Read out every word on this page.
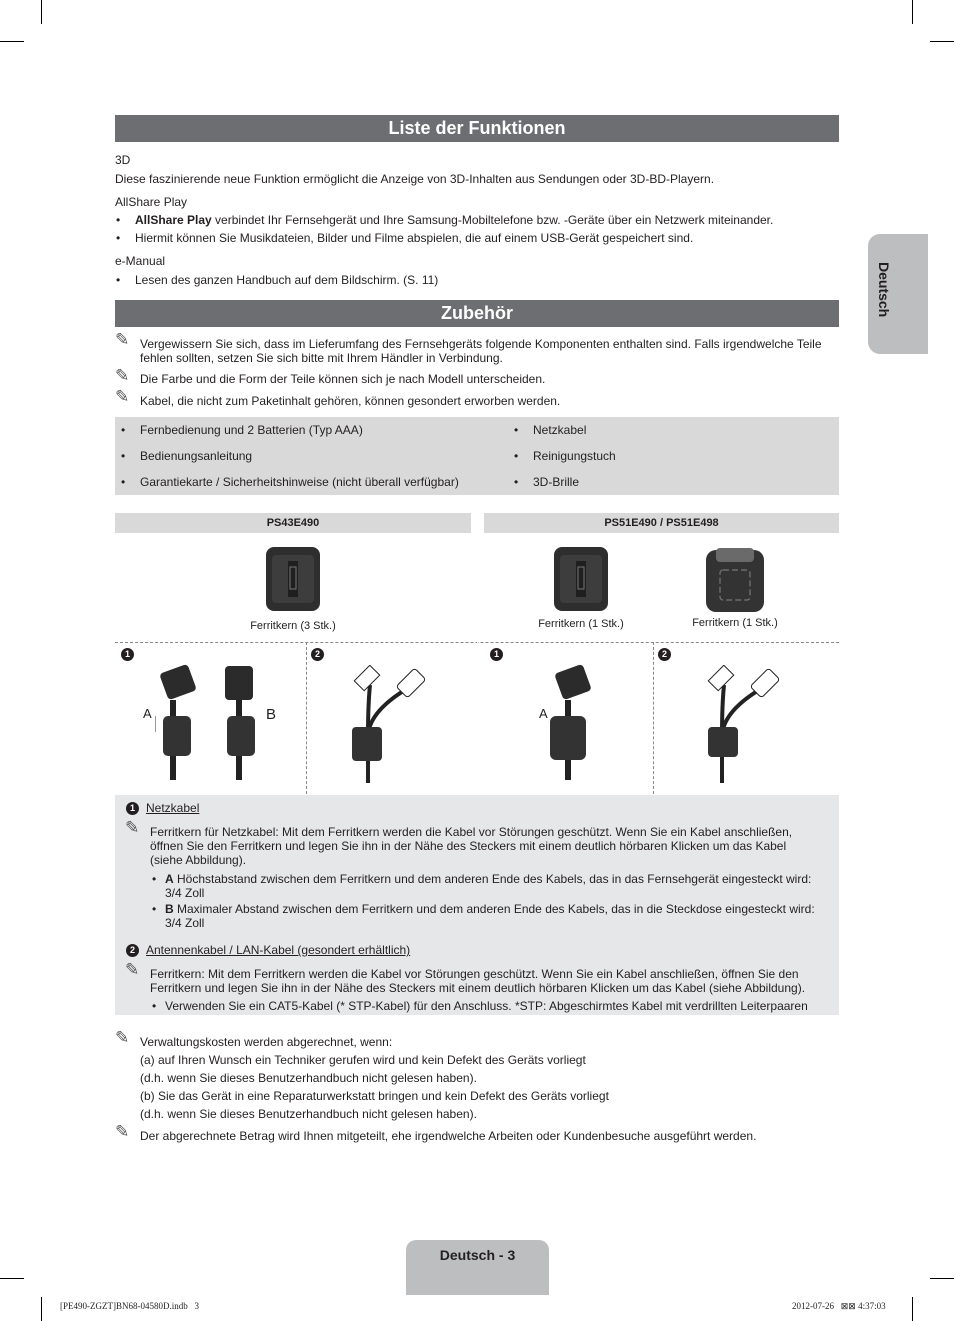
Deutsch
Liste der Funktionen
3D
Diese faszinierende neue Funktion ermöglicht die Anzeige von 3D-Inhalten aus Sendungen oder 3D-BD-Playern.
AllShare Play
• AllShare Play verbindet Ihr Fernsehgerät und Ihre Samsung-Mobiltelefone bzw. -Geräte über ein Netzwerk miteinander.
• Hiermit können Sie Musikdateien, Bilder und Filme abspielen, die auf einem USB-Gerät gespeichert sind.
e-Manual
• Lesen des ganzen Handbuch auf dem Bildschirm. (S. 11)
Zubehör
✎ Vergewissern Sie sich, dass im Lieferumfang des Fernsehgeräts folgende Komponenten enthalten sind. Falls irgendwelche Teile fehlen sollten, setzen Sie sich bitte mit Ihrem Händler in Verbindung.
✎ Die Farbe und die Form der Teile können sich je nach Modell unterscheiden.
✎ Kabel, die nicht zum Paketinhalt gehören, können gesondert erworben werden.
• Fernbedienung und 2 Batterien (Typ AAA)
• Bedienungsanleitung
• Garantiekarte / Sicherheitshinweise (nicht überall verfügbar)
• Netzkabel
• Reinigungstuch
• 3D-Brille
PS43E490	PS51E490 / PS51E498
Ferritkern (3 Stk.)	Ferritkern (1 Stk.)	Ferritkern (1 Stk.)
1	2	1	2
A	B	A
1 Netzkabel
✎ Ferritkern für Netzkabel: Mit dem Ferritkern werden die Kabel vor Störungen geschützt. Wenn Sie ein Kabel anschließen, öffnen Sie den Ferritkern und legen Sie ihn in der Nähe des Steckers mit einem deutlich hörbaren Klicken um das Kabel (siehe Abbildung).
• A Höchstabstand zwischen dem Ferritkern und dem anderen Ende des Kabels, das in das Fernsehgerät eingesteckt wird: 3/4 Zoll
• B Maximaler Abstand zwischen dem Ferritkern und dem anderen Ende des Kabels, das in die Steckdose eingesteckt wird: 3/4 Zoll
2 Antennenkabel / LAN-Kabel (gesondert erhältlich)
✎ Ferritkern: Mit dem Ferritkern werden die Kabel vor Störungen geschützt. Wenn Sie ein Kabel anschließen, öffnen Sie den Ferritkern und legen Sie ihn in der Nähe des Steckers mit einem deutlich hörbaren Klicken um das Kabel (siehe Abbildung).
• Verwenden Sie ein CAT5-Kabel (* STP-Kabel) für den Anschluss. *STP: Abgeschirmtes Kabel mit verdrillten Leiterpaaren
✎ Verwaltungskosten werden abgerechnet, wenn:
(a) auf Ihren Wunsch ein Techniker gerufen wird und kein Defekt des Geräts vorliegt
(d.h. wenn Sie dieses Benutzerhandbuch nicht gelesen haben).
(b) Sie das Gerät in eine Reparaturwerkstatt bringen und kein Defekt des Geräts vorliegt
(d.h. wenn Sie dieses Benutzerhandbuch nicht gelesen haben).
✎ Der abgerechnete Betrag wird Ihnen mitgeteilt, ehe irgendwelche Arbeiten oder Kundenbesuche ausgeführt werden.
Deutsch - 3
[PE490-ZGZT]BN68-04580D.indb   3	2012-07-26   ⊠⊠ 4:37:03
